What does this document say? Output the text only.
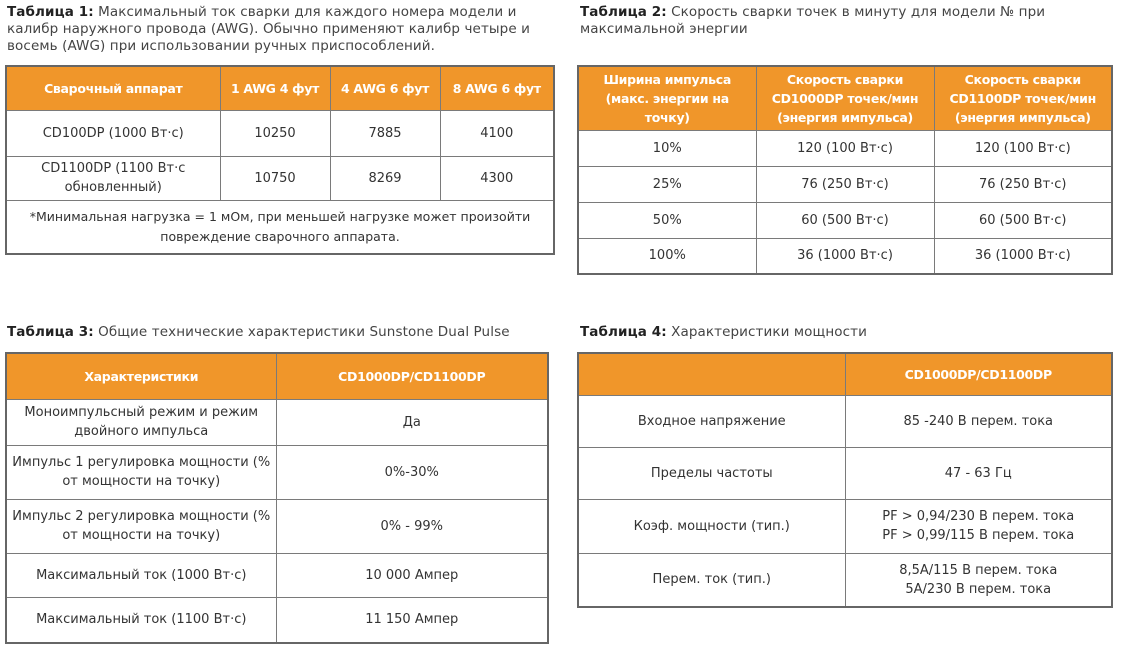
Таблица 1: Максимальный ток сварки для каждого номера модели и калибр наружного провода (AWG). Обычно применяют калибр четыре и восемь (AWG) при использовании ручных приспособлений.
Сварочный аппарат	1 AWG 4 фут	4 AWG 6 фут	8 AWG 6 фут
CD100DP (1000 Вт·с)	10250	7885	4100
CD1100DP (1100 Вт·с обновленный)	10750	8269	4300
*Минимальная нагрузка = 1 мОм, при меньшей нагрузке может произойти повреждение сварочного аппарата.			
Таблица 2: Скорость сварки точек в минуту для модели № при максимальной энергии
Ширина импульса (макс. энергии на точку)	Скорость сварки CD1000DP точек/мин (энергия импульса)	Скорость сварки CD1100DP точек/мин (энергия импульса)
10%	120 (100 Вт·с)	120 (100 Вт·с)
25%	76 (250 Вт·с)	76 (250 Вт·с)
50%	60 (500 Вт·с)	60 (500 Вт·с)
100%	36 (1000 Вт·с)	36 (1000 Вт·с)
Таблица 3: Общие технические характеристики Sunstone Dual Pulse
Характеристики	CD1000DP/CD1100DP
Моноимпульсный режим и режим двойного импульса	Да
Импульс 1 регулировка мощности (% от мощности на точку)	0%-30%
Импульс 2 регулировка мощности (% от мощности на точку)	0% - 99%
Максимальный ток (1000 Вт·с)	10 000 Ампер
Максимальный ток (1100 Вт·с)	11 150 Ампер
Таблица 4: Характеристики мощности
	CD1000DP/CD1100DP
Входное напряжение	85 -240 В перем. тока
Пределы частоты	47 - 63 Гц
Коэф. мощности (тип.)	PF > 0,94/230 В перем. тока
PF > 0,99/115 В перем. тока

Перем. ток (тип.)	8,5A/115 В перем. тока
5A/230 В перем. тока
